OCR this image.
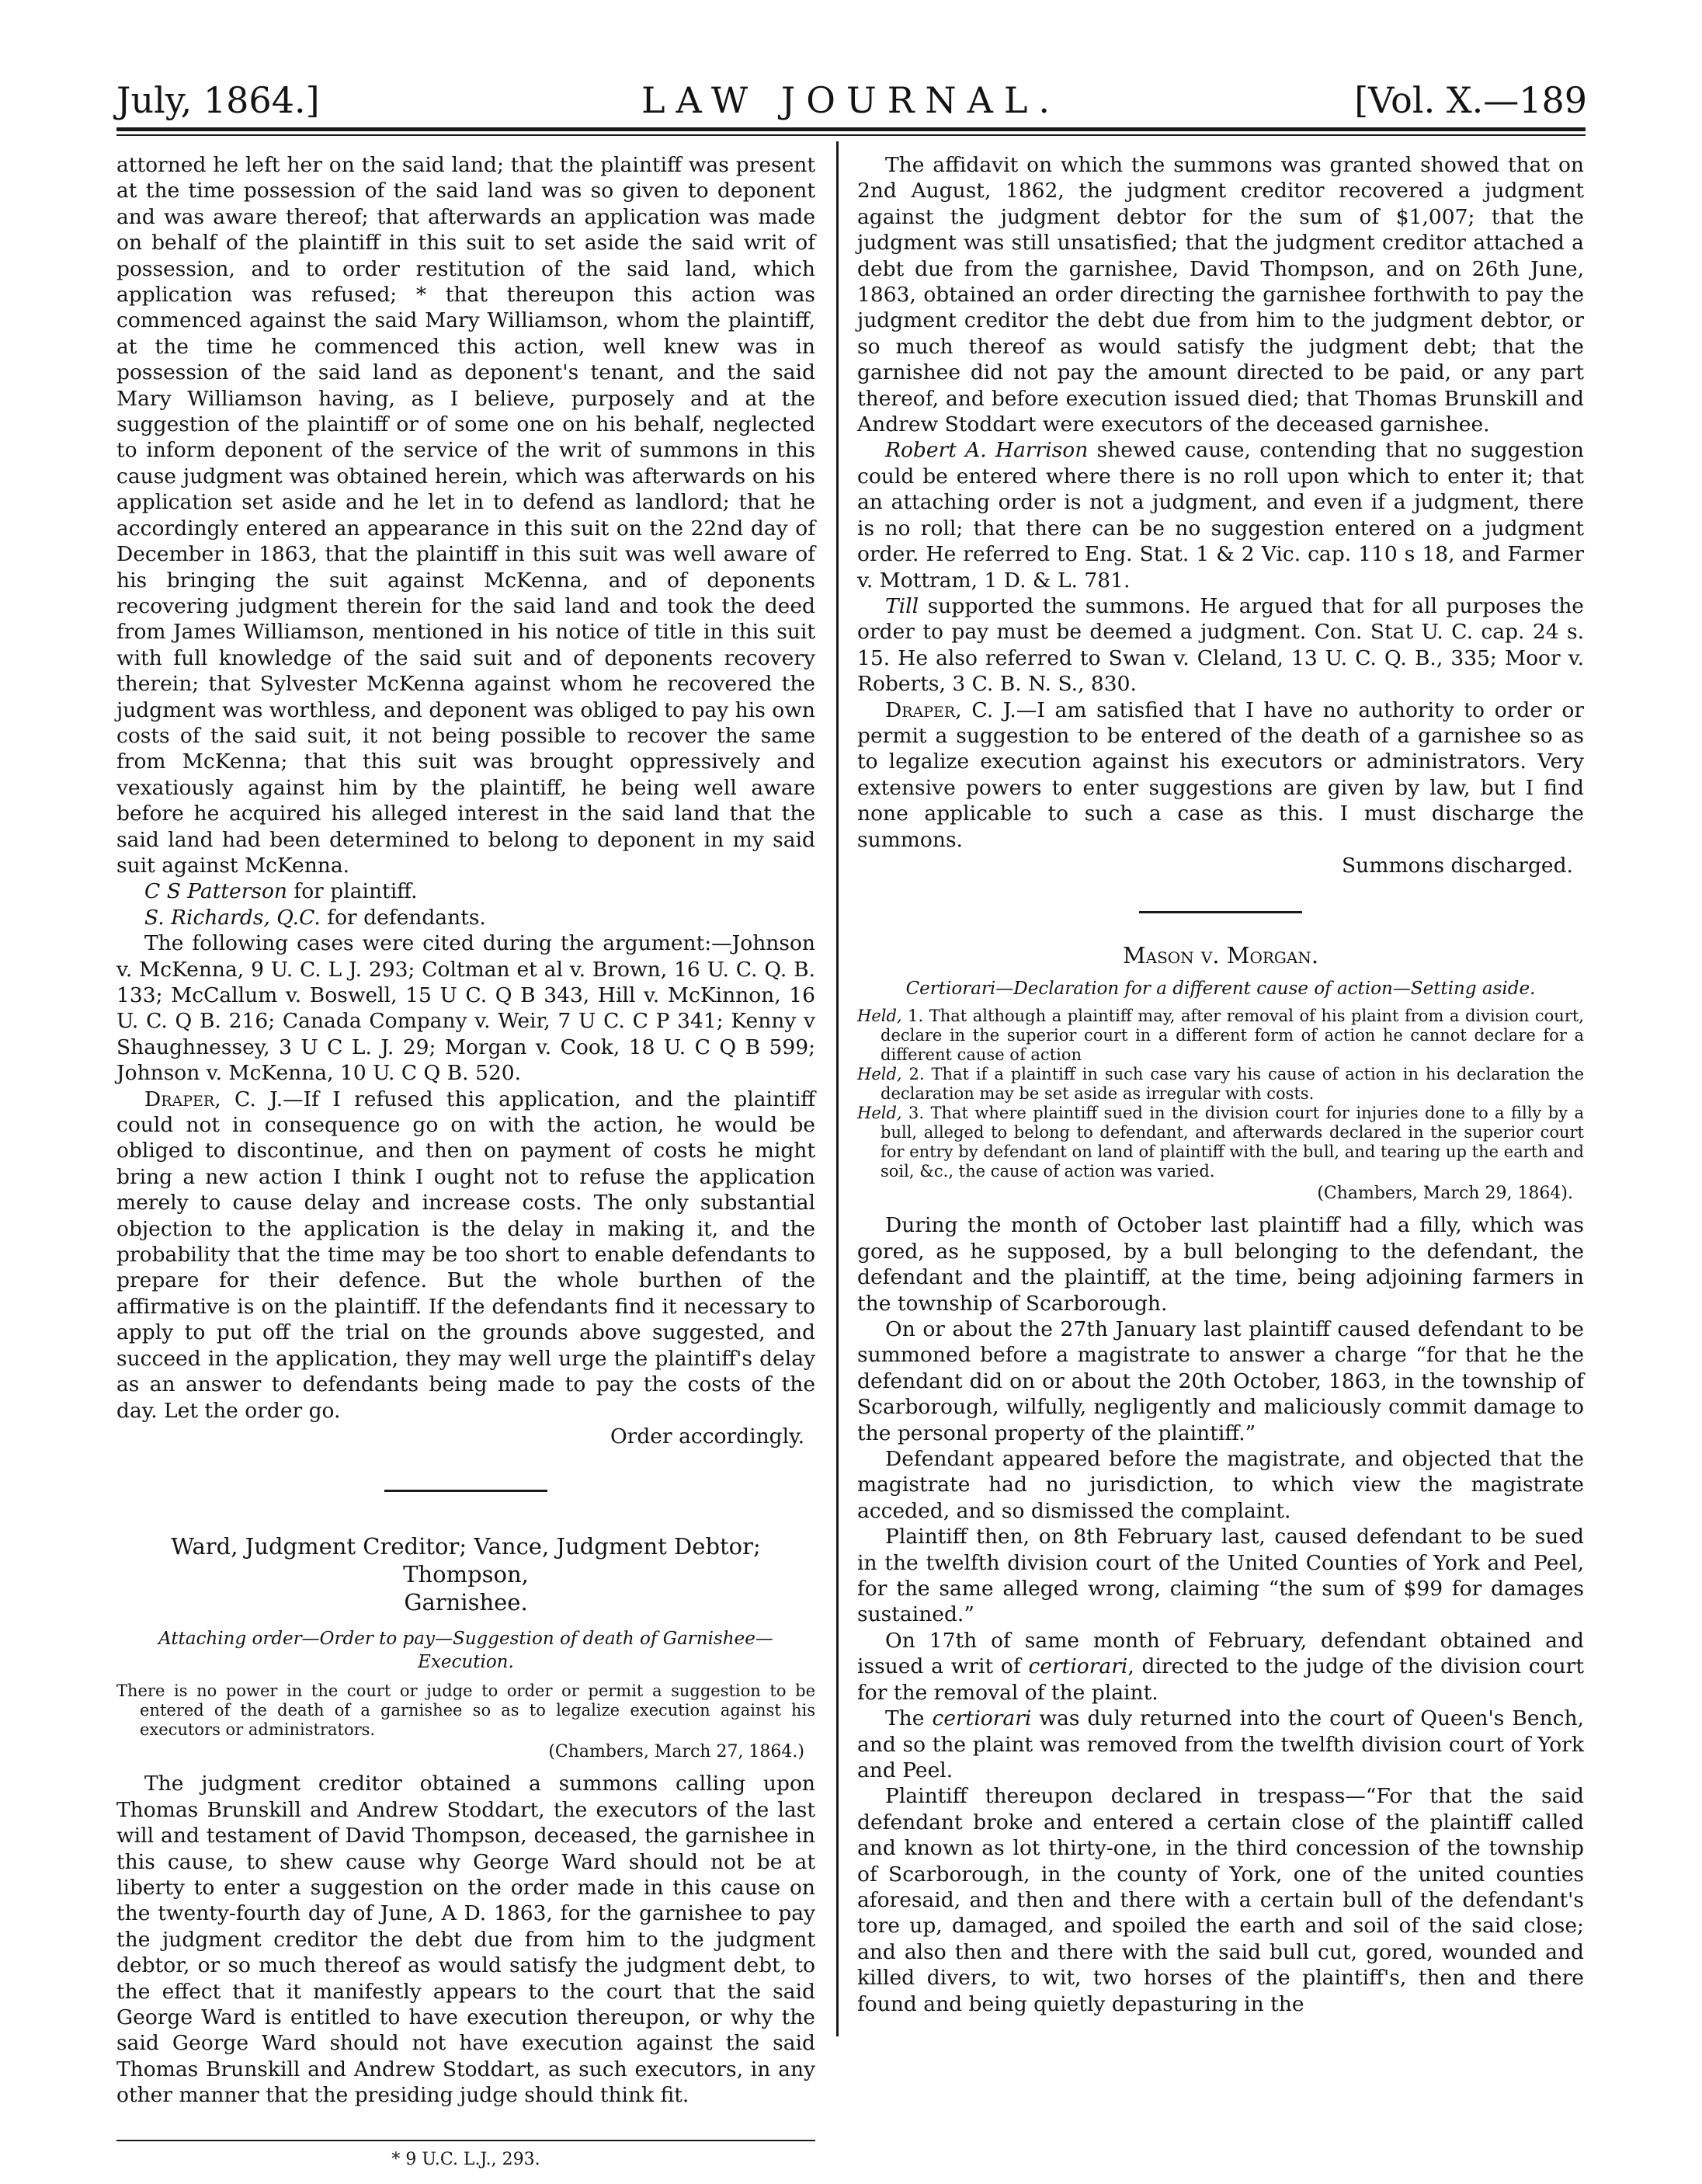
July, 1864.]	LAW JOURNAL.	[Vol. X.—189

attorned he left her on the said land; that the plaintiff was present at the time possession of the said land was so given to deponent and was aware thereof; that afterwards an application was made on behalf of the plaintiff in this suit to set aside the said writ of possession, and to order restitution of the said land, which application was refused; * that thereupon this action was commenced against the said Mary Williamson, whom the plaintiff, at the time he commenced this action, well knew was in possession of the said land as deponent's tenant, and the said Mary Williamson having, as I believe, purposely and at the suggestion of the plaintiff or of some one on his behalf, neglected to inform deponent of the service of the writ of summons in this cause judgment was obtained herein, which was afterwards on his application set aside and he let in to defend as landlord; that he accordingly entered an appearance in this suit on the 22nd day of December in 1863, that the plaintiff in this suit was well aware of his bringing the suit against McKenna, and of deponents recovering judgment therein for the said land and took the deed from James Williamson, mentioned in his notice of title in this suit with full knowledge of the said suit and of deponents recovery therein; that Sylvester McKenna against whom he recovered the judgment was worthless, and deponent was obliged to pay his own costs of the said suit, it not being possible to recover the same from McKenna; that this suit was brought oppressively and vexatiously against him by the plaintiff, he being well aware before he acquired his alleged interest in the said land that the said land had been determined to belong to deponent in my said suit against McKenna.

C S Patterson for plaintiff.

S. Richards, Q.C. for defendants.

The following cases were cited during the argument:—Johnson v. McKenna, 9 U. C. L J. 293; Coltman et al v. Brown, 16 U. C. Q. B. 133; McCallum v. Boswell, 15 U C. Q B 343, Hill v. McKinnon, 16 U. C. Q B. 216; Canada Company v. Weir, 7 U C. C P 341; Kenny v Shaughnessey, 3 U C L. J. 29; Morgan v. Cook, 18 U. C Q B 599; Johnson v. McKenna, 10 U. C Q B. 520.

Draper, C. J.—If I refused this application, and the plaintiff could not in consequence go on with the action, he would be obliged to discontinue, and then on payment of costs he might bring a new action I think I ought not to refuse the application merely to cause delay and increase costs. The only substantial objection to the application is the delay in making it, and the probability that the time may be too short to enable defendants to prepare for their defence. But the whole burthen of the affirmative is on the plaintiff. If the defendants find it necessary to apply to put off the trial on the grounds above suggested, and succeed in the application, they may well urge the plaintiff's delay as an answer to defendants being made to pay the costs of the day. Let the order go.

Order accordingly.

Ward, Judgment Creditor; Vance, Judgment Debtor; Thompson,
Garnishee.

Attaching order—Order to pay—Suggestion of death of Garnishee—Execution.

There is no power in the court or judge to order or permit a suggestion to be entered of the death of a garnishee so as to legalize execution against his executors or administrators.

(Chambers, March 27, 1864.)

The judgment creditor obtained a summons calling upon Thomas Brunskill and Andrew Stoddart, the executors of the last will and testament of David Thompson, deceased, the garnishee in this cause, to shew cause why George Ward should not be at liberty to enter a suggestion on the order made in this cause on the twenty-fourth day of June, A D. 1863, for the garnishee to pay the judgment creditor the debt due from him to the judgment debtor, or so much thereof as would satisfy the judgment debt, to the effect that it manifestly appears to the court that the said George Ward is entitled to have execution thereupon, or why the said George Ward should not have execution against the said Thomas Brunskill and Andrew Stoddart, as such executors, in any other manner that the presiding judge should think fit.

* 9 U.C. L.J., 293.

The affidavit on which the summons was granted showed that on 2nd August, 1862, the judgment creditor recovered a judgment against the judgment debtor for the sum of $1,007; that the judgment was still unsatisfied; that the judgment creditor attached a debt due from the garnishee, David Thompson, and on 26th June, 1863, obtained an order directing the garnishee forthwith to pay the judgment creditor the debt due from him to the judgment debtor, or so much thereof as would satisfy the judgment debt; that the garnishee did not pay the amount directed to be paid, or any part thereof, and before execution issued died; that Thomas Brunskill and Andrew Stoddart were executors of the deceased garnishee.

Robert A. Harrison shewed cause, contending that no suggestion could be entered where there is no roll upon which to enter it; that an attaching order is not a judgment, and even if a judgment, there is no roll; that there can be no suggestion entered on a judgment order. He referred to Eng. Stat. 1 & 2 Vic. cap. 110 s 18, and Farmer v. Mottram, 1 D. & L. 781.

Till supported the summons. He argued that for all purposes the order to pay must be deemed a judgment. Con. Stat U. C. cap. 24 s. 15. He also referred to Swan v. Cleland, 13 U. C. Q. B., 335; Moor v. Roberts, 3 C. B. N. S., 830.

Draper, C. J.—I am satisfied that I have no authority to order or permit a suggestion to be entered of the death of a garnishee so as to legalize execution against his executors or administrators. Very extensive powers to enter suggestions are given by law, but I find none applicable to such a case as this. I must discharge the summons.

Summons discharged.

Mason v. Morgan.

Certiorari—Declaration for a different cause of action—Setting aside.

Held, 1. That although a plaintiff may, after removal of his plaint from a division court, declare in the superior court in a different form of action he cannot declare for a different cause of action

Held, 2. That if a plaintiff in such case vary his cause of action in his declaration the declaration may be set aside as irregular with costs.

Held, 3. That where plaintiff sued in the division court for injuries done to a filly by a bull, alleged to belong to defendant, and afterwards declared in the superior court for entry by defendant on land of plaintiff with the bull, and tearing up the earth and soil, &c., the cause of action was varied.

(Chambers, March 29, 1864).

During the month of October last plaintiff had a filly, which was gored, as he supposed, by a bull belonging to the defendant, the defendant and the plaintiff, at the time, being adjoining farmers in the township of Scarborough.

On or about the 27th January last plaintiff caused defendant to be summoned before a magistrate to answer a charge “for that he the defendant did on or about the 20th October, 1863, in the township of Scarborough, wilfully, negligently and maliciously commit damage to the personal property of the plaintiff.”

Defendant appeared before the magistrate, and objected that the magistrate had no jurisdiction, to which view the magistrate acceded, and so dismissed the complaint.

Plaintiff then, on 8th February last, caused defendant to be sued in the twelfth division court of the United Counties of York and Peel, for the same alleged wrong, claiming “the sum of $99 for damages sustained.”

On 17th of same month of February, defendant obtained and issued a writ of certiorari, directed to the judge of the division court for the removal of the plaint.

The certiorari was duly returned into the court of Queen's Bench, and so the plaint was removed from the twelfth division court of York and Peel.

Plaintiff thereupon declared in trespass—“For that the said defendant broke and entered a certain close of the plaintiff called and known as lot thirty-one, in the third concession of the township of Scarborough, in the county of York, one of the united counties aforesaid, and then and there with a certain bull of the defendant's tore up, damaged, and spoiled the earth and soil of the said close; and also then and there with the said bull cut, gored, wounded and killed divers, to wit, two horses of the plaintiff's, then and there found and being quietly depasturing in the
